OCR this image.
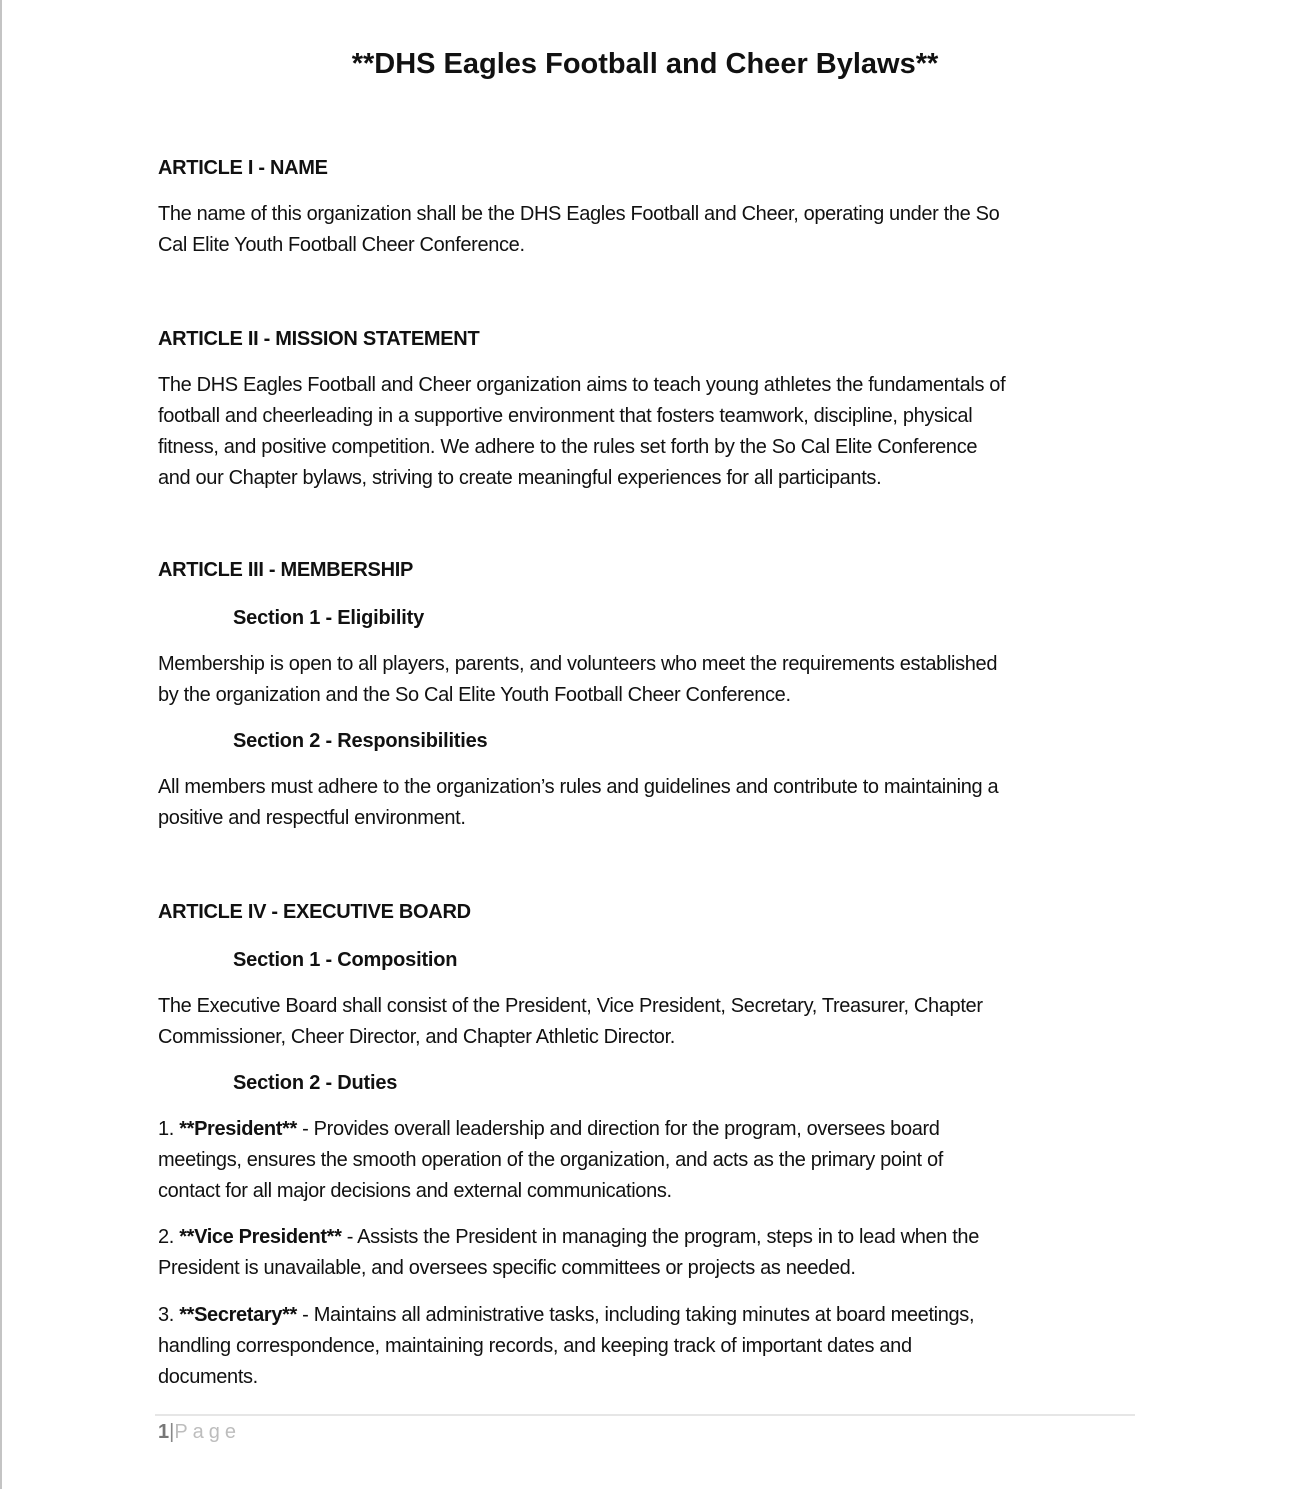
**DHS Eagles Football and Cheer Bylaws**
ARTICLE I - NAME
The name of this organization shall be the DHS Eagles Football and Cheer, operating under the So
Cal Elite Youth Football Cheer Conference.
ARTICLE II - MISSION STATEMENT
The DHS Eagles Football and Cheer organization aims to teach young athletes the fundamentals of
football and cheerleading in a supportive environment that fosters teamwork, discipline, physical
fitness, and positive competition. We adhere to the rules set forth by the So Cal Elite Conference
and our Chapter bylaws, striving to create meaningful experiences for all participants.
ARTICLE III - MEMBERSHIP
Section 1 - Eligibility
Membership is open to all players, parents, and volunteers who meet the requirements established
by the organization and the So Cal Elite Youth Football Cheer Conference.
Section 2 - Responsibilities
All members must adhere to the organization’s rules and guidelines and contribute to maintaining a
positive and respectful environment.
ARTICLE IV - EXECUTIVE BOARD
Section 1 - Composition
The Executive Board shall consist of the President, Vice President, Secretary, Treasurer, Chapter
Commissioner, Cheer Director, and Chapter Athletic Director.
Section 2 - Duties
1. **President** - Provides overall leadership and direction for the program, oversees board
meetings, ensures the smooth operation of the organization, and acts as the primary point of
contact for all major decisions and external communications.
2. **Vice President** - Assists the President in managing the program, steps in to lead when the
President is unavailable, and oversees specific committees or projects as needed.
3. **Secretary** - Maintains all administrative tasks, including taking minutes at board meetings,
handling correspondence, maintaining records, and keeping track of important dates and
documents.
1|Page
